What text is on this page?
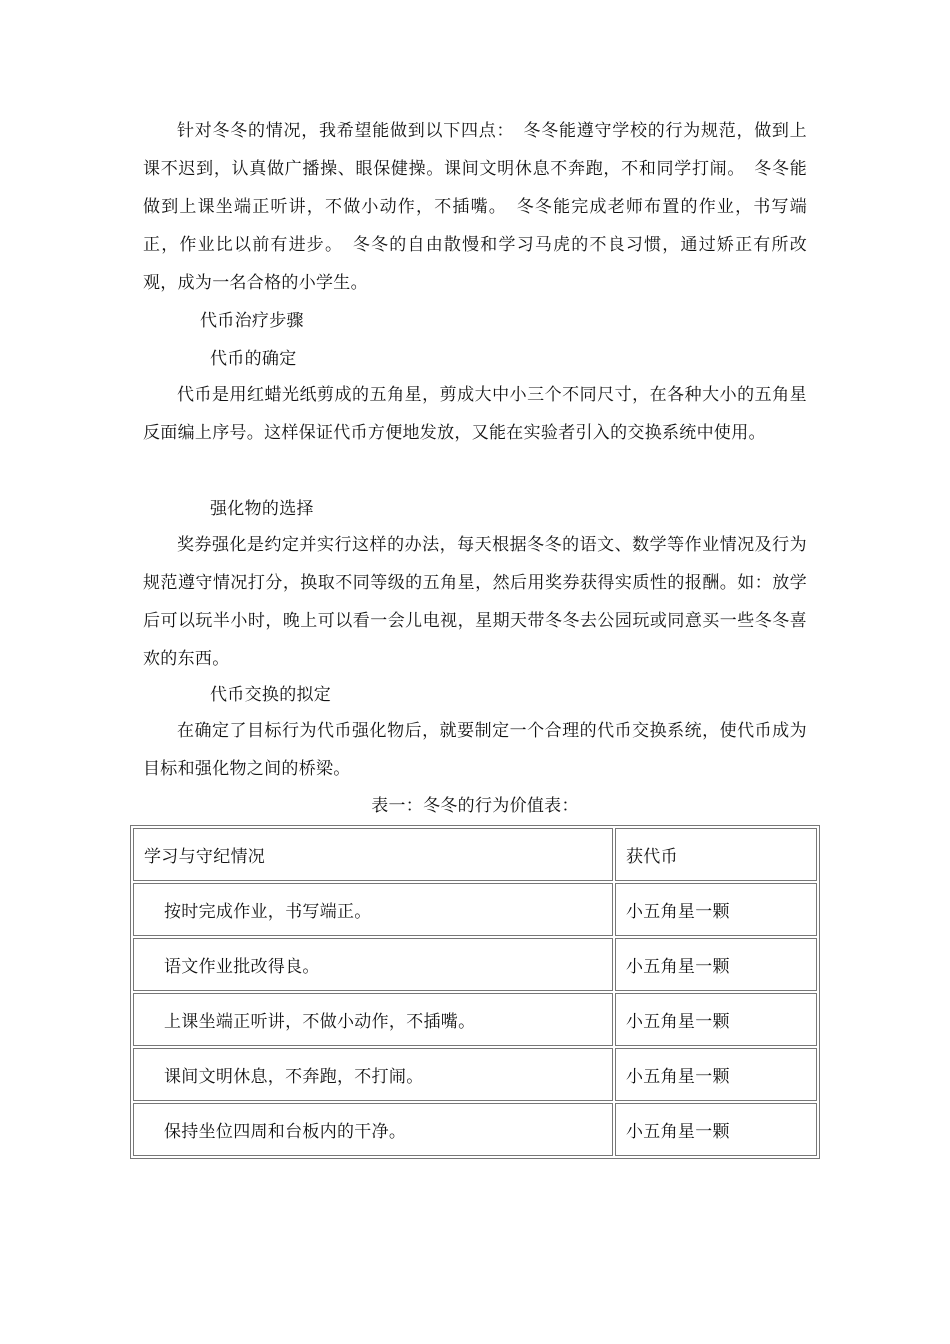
针对冬冬的情况，我希望能做到以下四点：　冬冬能遵守学校的行为规范，做到上课不迟到，认真做广播操、眼保健操。课间文明休息不奔跑，不和同学打闹。　冬冬能做到上课坐端正听讲，不做小动作，不插嘴。　冬冬能完成老师布置的作业，书写端正，作业比以前有进步。　冬冬的自由散慢和学习马虎的不良习惯，通过矫正有所改观，成为一名合格的小学生。

代币治疗步骤

代币的确定

代币是用红蜡光纸剪成的五角星，剪成大中小三个不同尺寸，在各种大小的五角星反面编上序号。这样保证代币方便地发放，又能在实验者引入的交换系统中使用。

强化物的选择

奖券强化是约定并实行这样的办法，每天根据冬冬的语文、数学等作业情况及行为规范遵守情况打分，换取不同等级的五角星，然后用奖券获得实质性的报酬。如：放学后可以玩半小时，晚上可以看一会儿电视，星期天带冬冬去公园玩或同意买一些冬冬喜欢的东西。

代币交换的拟定

在确定了目标行为代币强化物后，就要制定一个合理的代币交换系统，使代币成为目标和强化物之间的桥梁。

表一：冬冬的行为价值表：

学习与守纪情况	获代币
按时完成作业，书写端正。	小五角星一颗
语文作业批改得良。	小五角星一颗
上课坐端正听讲，不做小动作，不插嘴。	小五角星一颗
课间文明休息，不奔跑，不打闹。	小五角星一颗
保持坐位四周和台板内的干净。	小五角星一颗
